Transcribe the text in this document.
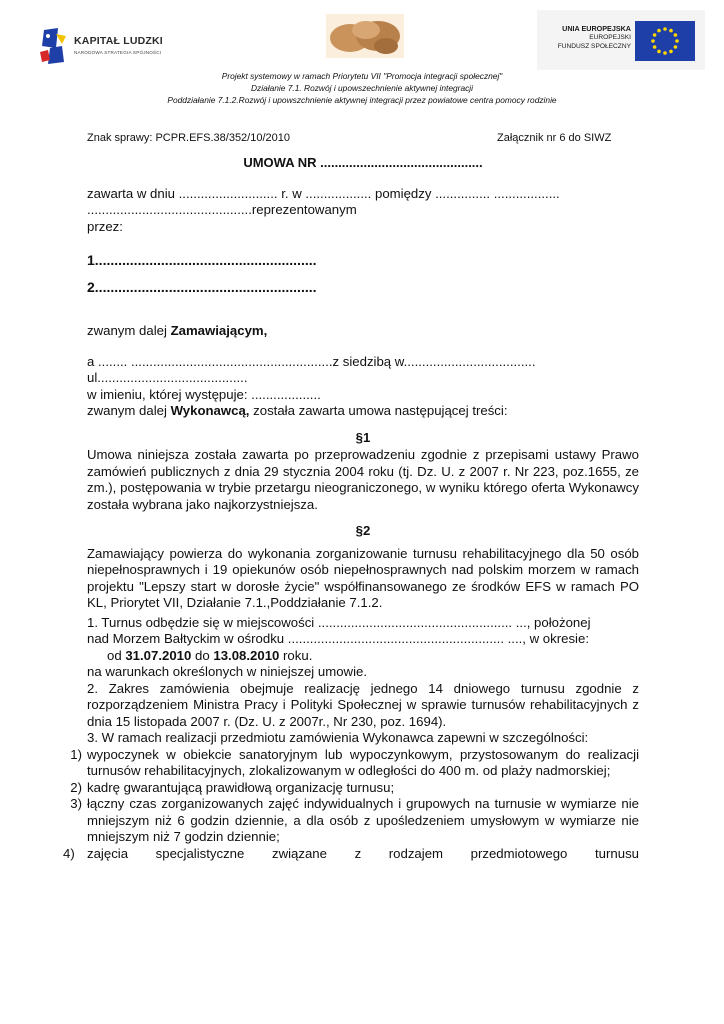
KAPITAŁ LUDZKI
NARODOWA STRATEGIA SPÓJNOŚCI
UNIA EUROPEJSKA
EUROPEJSKI
FUNDUSZ SPOŁECZNY
Projekt systemowy w ramach Priorytetu VII "Promocja integracji społecznej"
Działanie 7.1. Rozwój i upowszechnienie aktywnej integracji
Poddziałanie 7.1.2.Rozwój i upowszchnienie aktywnej integracji przez powiatowe centra pomocy rodzinie
Znak sprawy: PCPR.EFS.38/352/10/2010	Załącznik nr 6 do SIWZ

UMOWA NR .............................................

zawarta w dniu ........................... r. w .................. pomiędzy ............... ..................

.............................................reprezentowanym

przez:

1.........................................................

2.........................................................

zwanym dalej Zamawiającym,

a ........ .......................................................z siedzibą w....................................

ul.........................................

w imieniu, której występuje: ...................

zwanym dalej Wykonawcą, została zawarta umowa następującej treści:

§1

Umowa niniejsza została zawarta po przeprowadzeniu zgodnie z przepisami ustawy Prawo zamówień publicznych z dnia 29 stycznia 2004 roku (tj. Dz. U. z 2007 r. Nr 223, poz.1655, ze zm.), postępowania w trybie przetargu nieograniczonego, w wyniku którego oferta Wykonawcy została wybrana jako najkorzystniejsza.

§2

Zamawiający powierza do wykonania zorganizowanie turnusu rehabilitacyjnego dla 50 osób niepełnosprawnych i 19 opiekunów osób niepełnosprawnych nad polskim morzem w ramach projektu "Lepszy start w dorosłe życie" współfinansowanego ze środków EFS w ramach PO KL, Priorytet VII, Działanie 7.1.,Poddziałanie 7.1.2.

1. Turnus odbędzie się w miejscowości ..................................................... ..., położonej

nad Morzem Bałtyckim w ośrodku ........................................................... ...., w okresie:

od 31.07.2010 do 13.08.2010 roku.

na warunkach określonych w niniejszej umowie.

2. Zakres zamówienia obejmuje realizację jednego 14 dniowego turnusu zgodnie z rozporządzeniem Ministra Pracy i Polityki Społecznej w sprawie turnusów rehabilitacyjnych z dnia 15 listopada 2007 r. (Dz. U. z 2007r., Nr 230, poz. 1694).

3. W ramach realizacji przedmiotu zamówienia Wykonawca zapewni w szczególności:

1) wypoczynek w obiekcie sanatoryjnym lub wypoczynkowym, przystosowanym do realizacji turnusów rehabilitacyjnych, zlokalizowanym w odległości do 400 m. od plaży nadmorskiej;

2) kadrę gwarantującą prawidłową organizację turnusu;

3) łączny czas zorganizowanych zajęć indywidualnych i grupowych na turnusie w wymiarze nie mniejszym niż 6 godzin dziennie, a dla osób z upośledzeniem umysłowym w wymiarze nie mniejszym niż 7 godzin dziennie;

4) zajęcia specjalistyczne związane z rodzajem przedmiotowego turnusu
